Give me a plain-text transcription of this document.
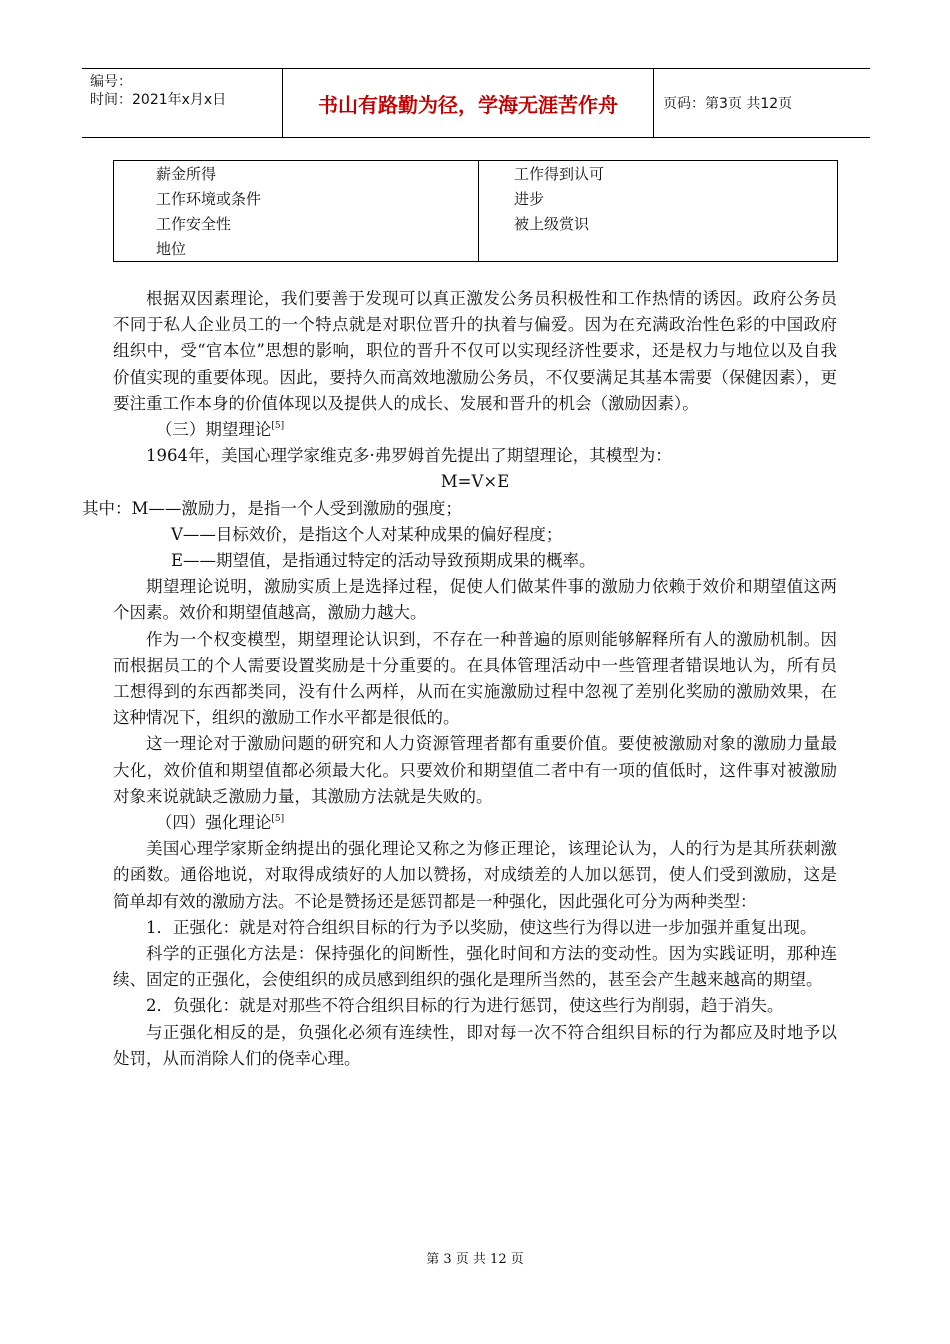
编号：
时间：2021年x月x日	书山有路勤为径，学海无涯苦作舟	页码：第3页 共12页
薪金所得
工作环境或条件
工作安全性
地位
工作得到认可
进步
被上级赏识

根据双因素理论，我们要善于发现可以真正激发公务员积极性和工作热情的诱因。政府公务员不同于私人企业员工的一个特点就是对职位晋升的执着与偏爱。因为在充满政治性色彩的中国政府组织中，受“官本位”思想的影响，职位的晋升不仅可以实现经济性要求，还是权力与地位以及自我价值实现的重要体现。因此，要持久而高效地激励公务员，不仅要满足其基本需要（保健因素），更要注重工作本身的价值体现以及提供人的成长、发展和晋升的机会（激励因素）。

（三）期望理论[5]

1964年，美国心理学家维克多·弗罗姆首先提出了期望理论，其模型为：

M=V×E

其中：M——激励力，是指一个人受到激励的强度；

V——目标效价，是指这个人对某种成果的偏好程度；

E——期望值，是指通过特定的活动导致预期成果的概率。

期望理论说明，激励实质上是选择过程，促使人们做某件事的激励力依赖于效价和期望值这两个因素。效价和期望值越高，激励力越大。

作为一个权变模型，期望理论认识到，不存在一种普遍的原则能够解释所有人的激励机制。因而根据员工的个人需要设置奖励是十分重要的。在具体管理活动中一些管理者错误地认为，所有员工想得到的东西都类同，没有什么两样，从而在实施激励过程中忽视了差别化奖励的激励效果，在这种情况下，组织的激励工作水平都是很低的。

这一理论对于激励问题的研究和人力资源管理者都有重要价值。要使被激励对象的激励力量最大化，效价值和期望值都必须最大化。只要效价和期望值二者中有一项的值低时，这件事对被激励对象来说就缺乏激励力量，其激励方法就是失败的。

（四）强化理论[5]

美国心理学家斯金纳提出的强化理论又称之为修正理论，该理论认为，人的行为是其所获刺激的函数。通俗地说，对取得成绩好的人加以赞扬，对成绩差的人加以惩罚，使人们受到激励，这是简单却有效的激励方法。不论是赞扬还是惩罚都是一种强化，因此强化可分为两种类型：

1．正强化：就是对符合组织目标的行为予以奖励，使这些行为得以进一步加强并重复出现。

科学的正强化方法是：保持强化的间断性，强化时间和方法的变动性。因为实践证明，那种连续、固定的正强化，会使组织的成员感到组织的强化是理所当然的，甚至会产生越来越高的期望。

2．负强化：就是对那些不符合组织目标的行为进行惩罚，使这些行为削弱，趋于消失。

与正强化相反的是，负强化必须有连续性，即对每一次不符合组织目标的行为都应及时地予以处罚，从而消除人们的侥幸心理。

第 3 页 共 12 页
